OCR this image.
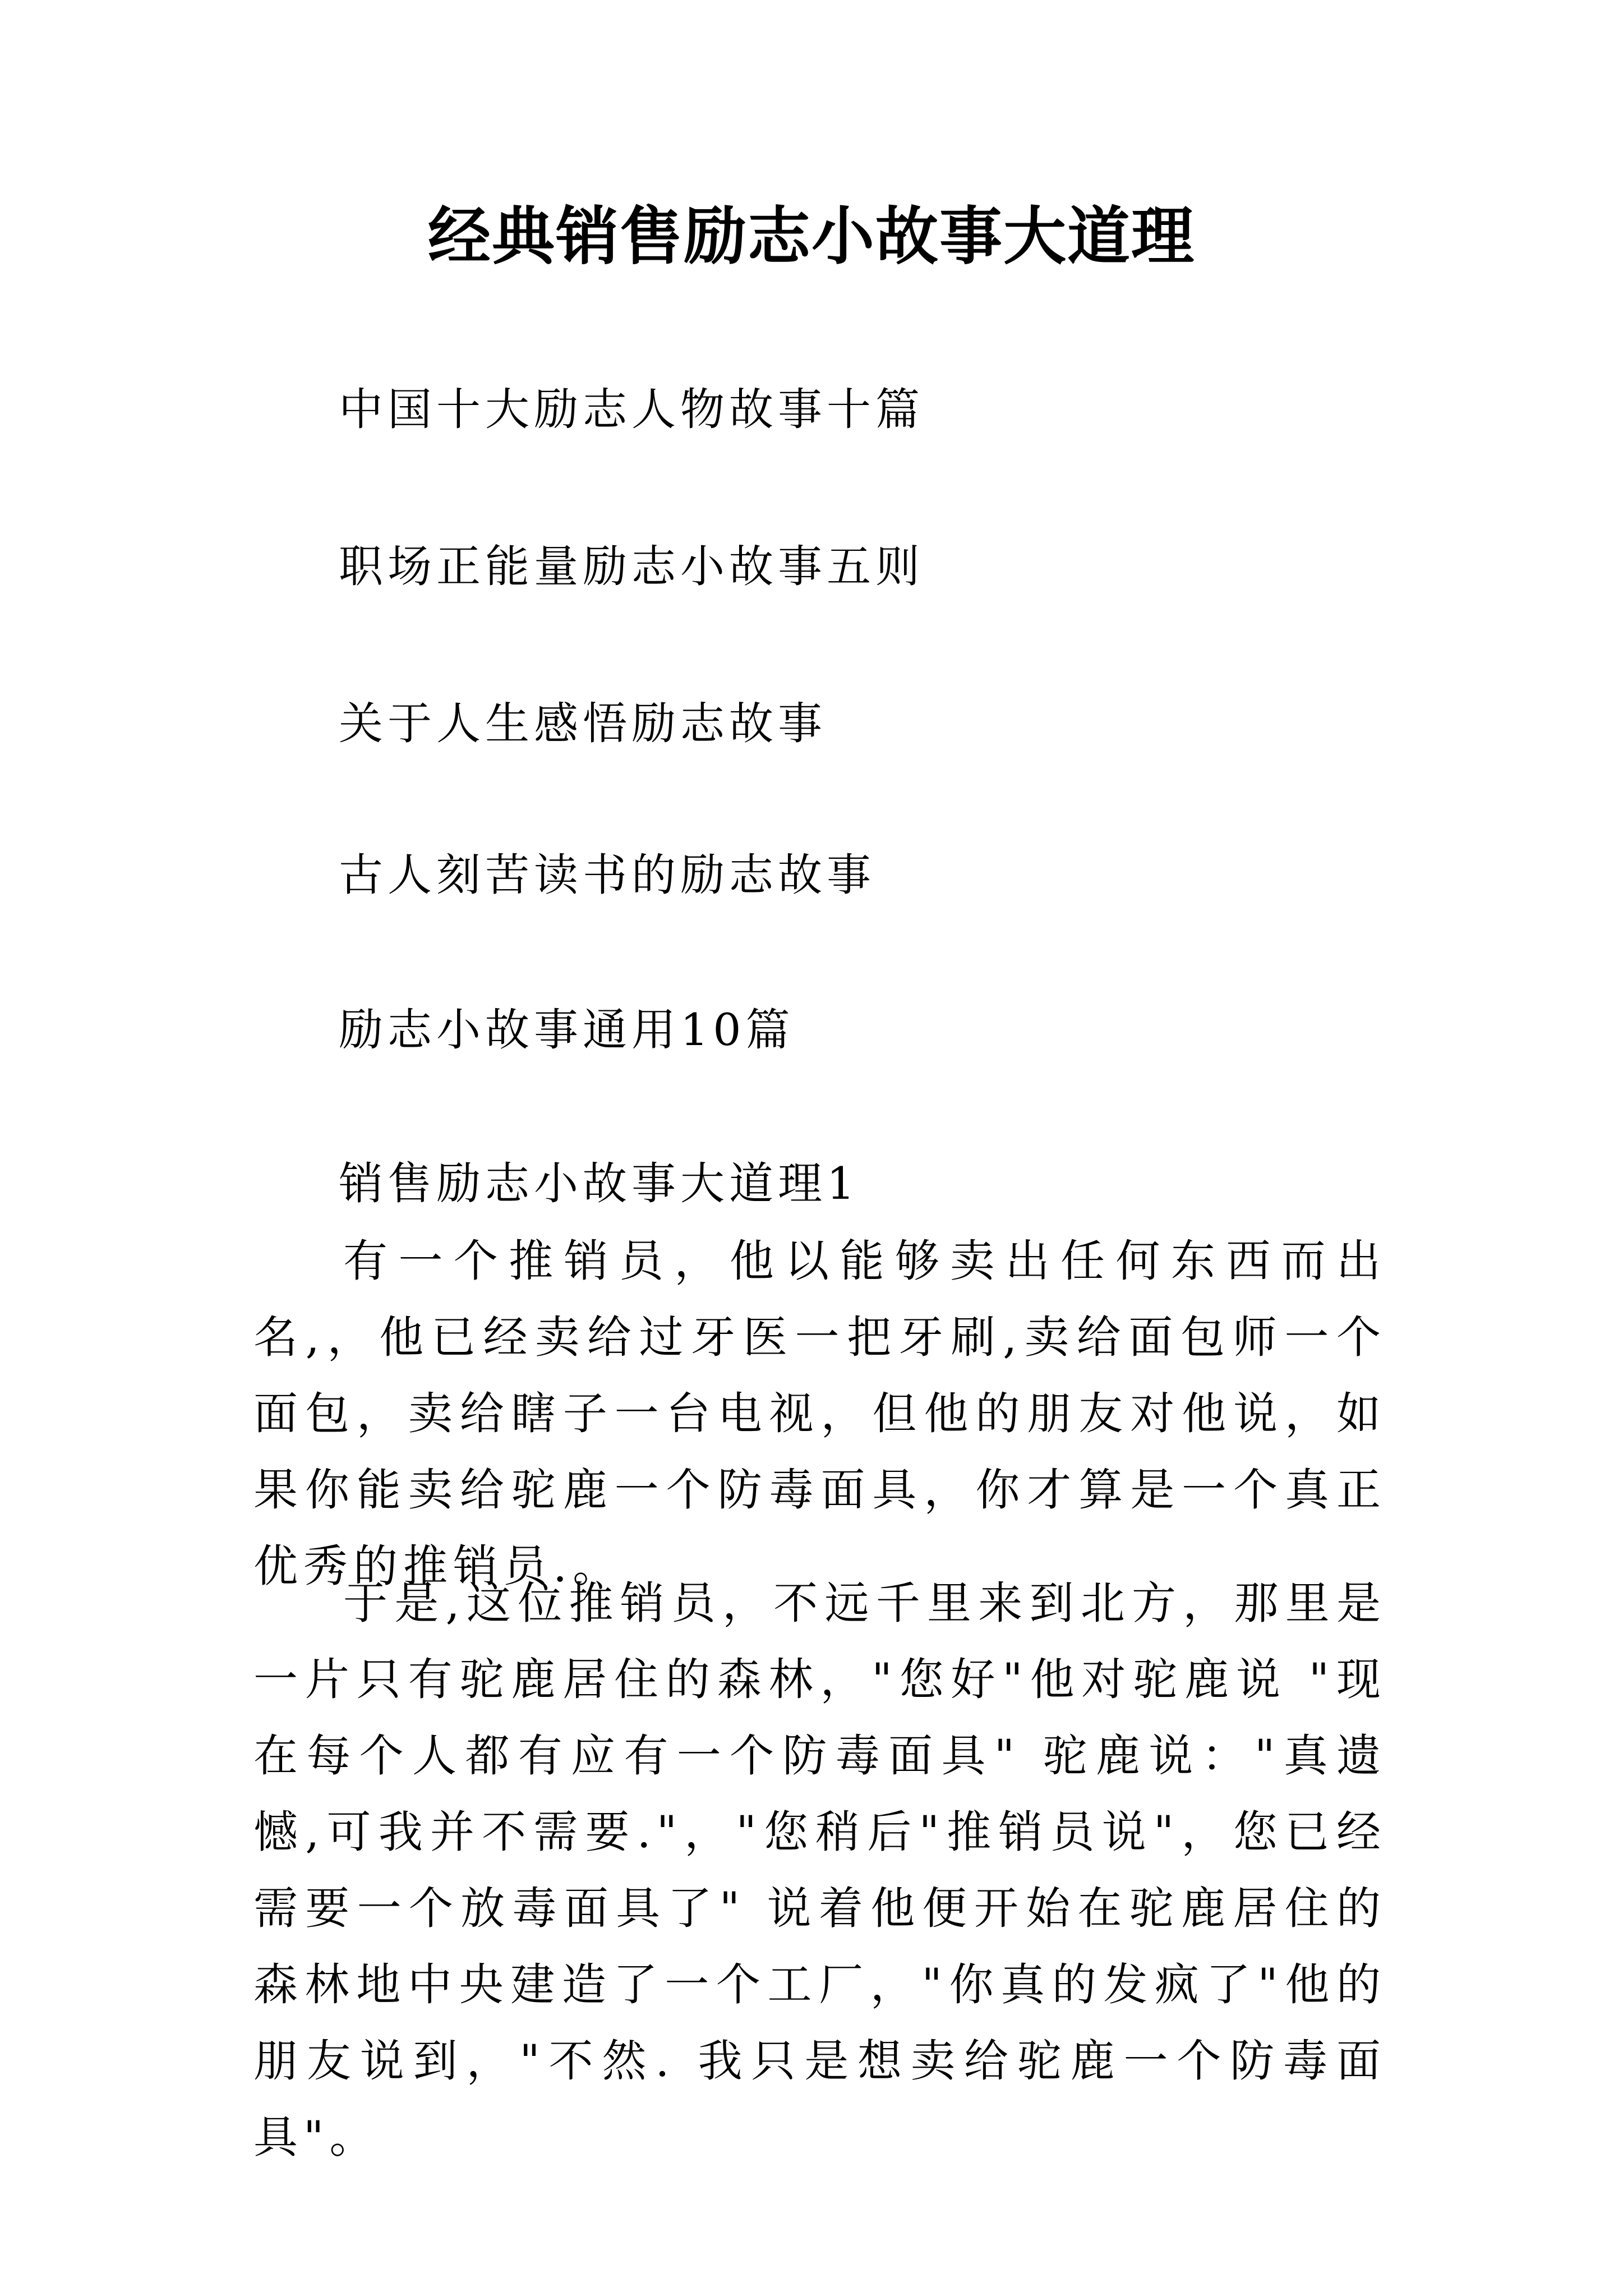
经典销售励志小故事大道理

中国十大励志人物故事十篇

职场正能量励志小故事五则

关于人生感悟励志故事

古人刻苦读书的励志故事

励志小故事通用10篇

销售励志小故事大道理1

有一个推销员，他以能够卖出任何东西而出名,，他已经卖给过牙医一把牙刷,卖给面包师一个面包，卖给瞎子一台电视，但他的朋友对他说，如果你能卖给驼鹿一个防毒面具，你才算是一个真正优秀的推销员.。

于是,这位推销员，不远千里来到北方，那里是一片只有驼鹿居住的森林，"您好"他对驼鹿说 "现在每个人都有应有一个防毒面具" 驼鹿说："真遗憾,可我并不需要."，"您稍后"推销员说"，您已经需要一个放毒面具了" 说着他便开始在驼鹿居住的森林地中央建造了一个工厂，"你真的发疯了"他的朋友说到，"不然. 我只是想卖给驼鹿一个防毒面具"。
